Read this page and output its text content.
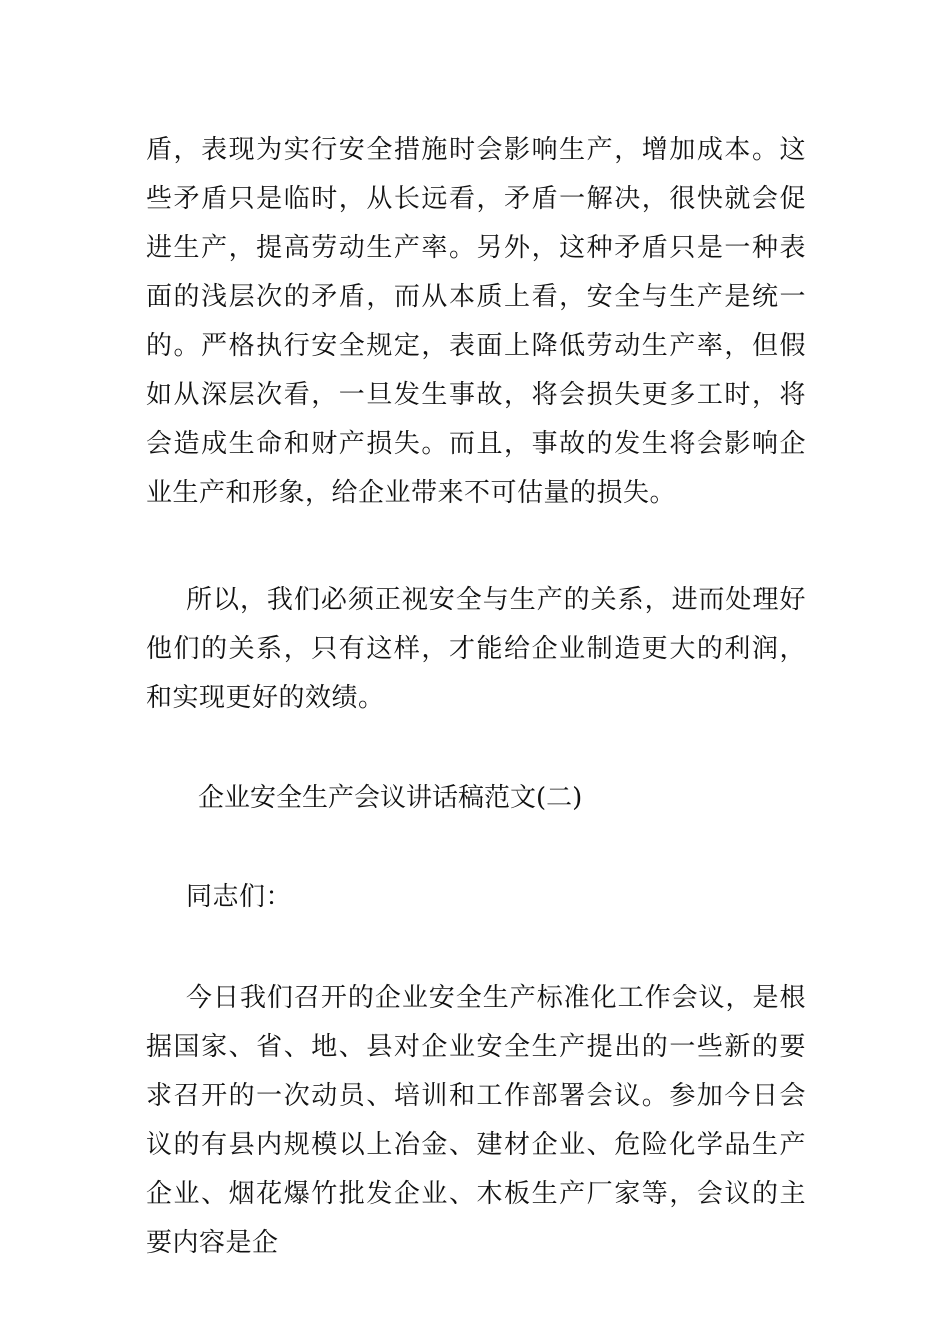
盾，表现为实行安全措施时会影响生产，增加成本。这些矛盾只是临时，从长远看，矛盾一解决，很快就会促进生产，提高劳动生产率。另外，这种矛盾只是一种表面的浅层次的矛盾，而从本质上看，安全与生产是统一的。严格执行安全规定，表面上降低劳动生产率，但假如从深层次看，一旦发生事故，将会损失更多工时，将会造成生命和财产损失。而且，事故的发生将会影响企业生产和形象，给企业带来不可估量的损失。

所以，我们必须正视安全与生产的关系，进而处理好他们的关系，只有这样，才能给企业制造更大的利润，和实现更好的效绩。

企业安全生产会议讲话稿范文(二)

同志们：

今日我们召开的企业安全生产标准化工作会议，是根据国家、省、地、县对企业安全生产提出的一些新的要求召开的一次动员、培训和工作部署会议。参加今日会议的有县内规模以上冶金、建材企业、危险化学品生产企业、烟花爆竹批发企业、木板生产厂家等，会议的主要内容是企
